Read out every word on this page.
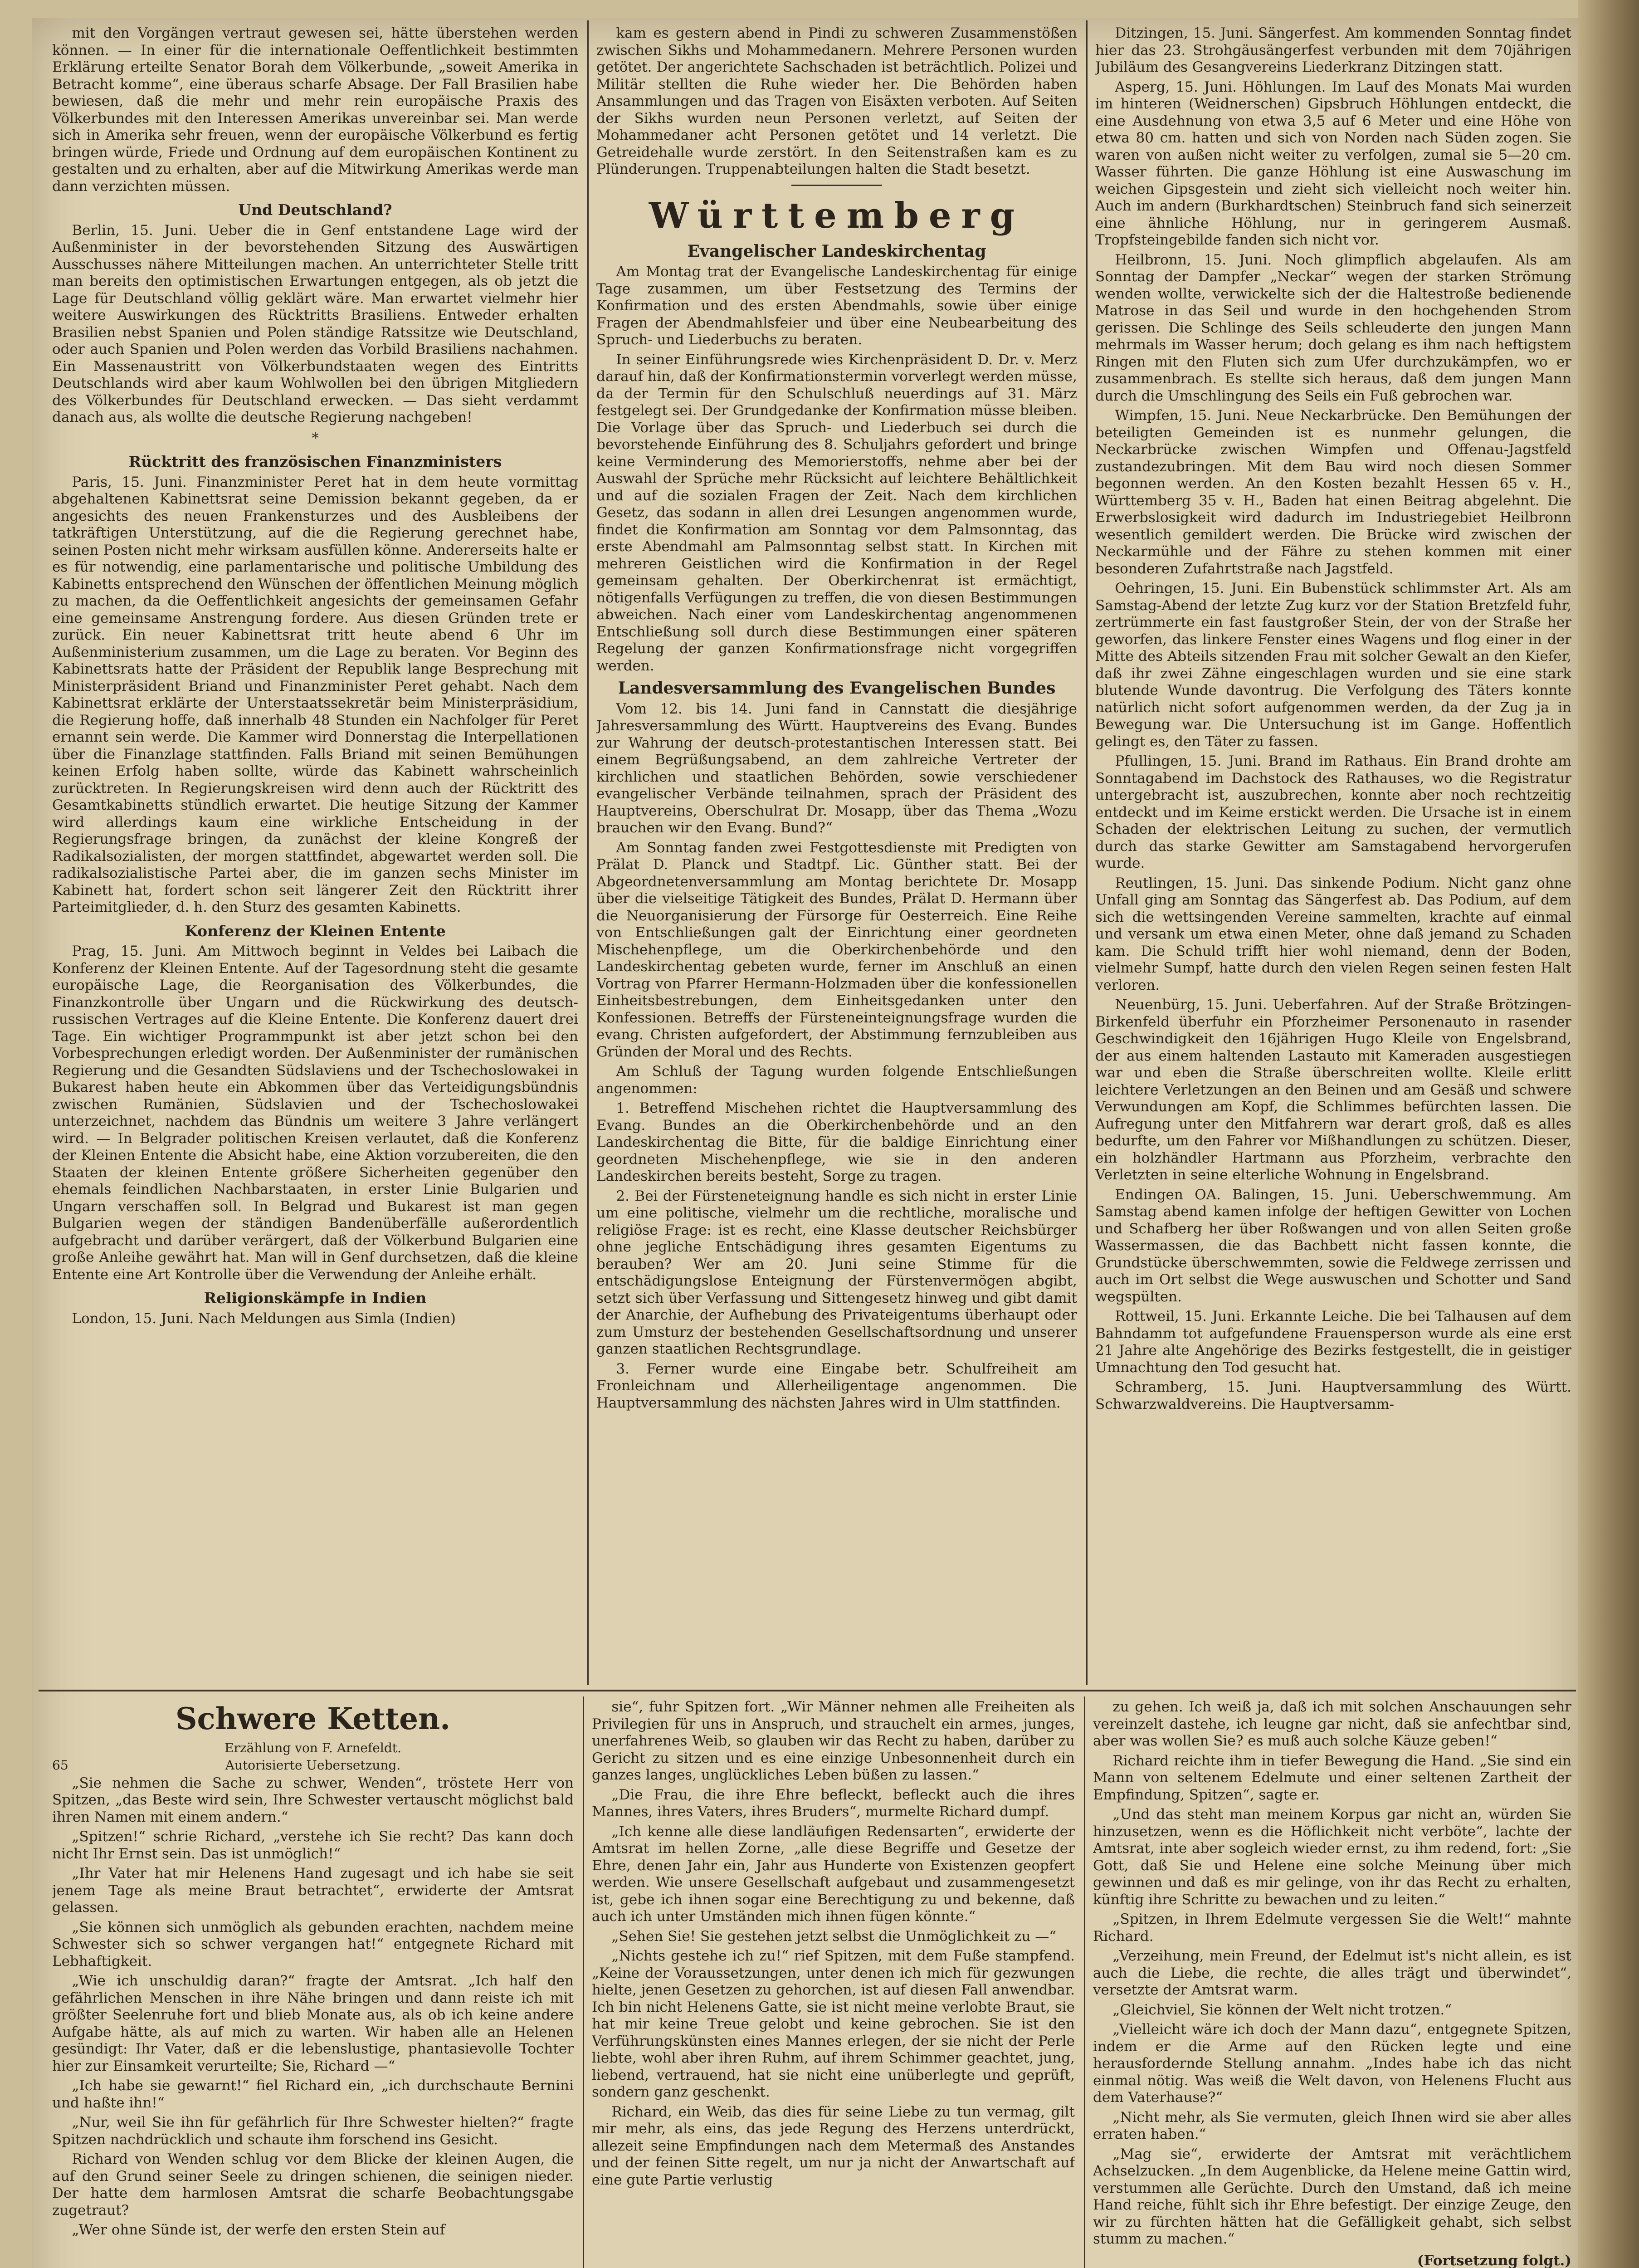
mit den Vorgängen vertraut gewesen sei, hätte überstehen werden können. — In einer für die internationale Oeffentlichkeit bestimmten Erklärung erteilte Senator Borah dem Völkerbunde, „soweit Amerika in Betracht komme“, eine überaus scharfe Absage. Der Fall Brasilien habe bewiesen, daß die mehr und mehr rein europäische Praxis des Völkerbundes mit den Interessen Amerikas unvereinbar sei. Man werde sich in Amerika sehr freuen, wenn der europäische Völkerbund es fertig bringen würde, Friede und Ordnung auf dem europäischen Kontinent zu gestalten und zu erhalten, aber auf die Mitwirkung Amerikas werde man dann verzichten müssen.

Und Deutschland?

Berlin, 15. Juni. Ueber die in Genf entstandene Lage wird der Außenminister in der bevorstehenden Sitzung des Auswärtigen Ausschusses nähere Mitteilungen machen. An unterrichteter Stelle tritt man bereits den optimistischen Erwartungen entgegen, als ob jetzt die Lage für Deutschland völlig geklärt wäre. Man erwartet vielmehr hier weitere Auswirkungen des Rücktritts Brasiliens. Entweder erhalten Brasilien nebst Spanien und Polen ständige Ratssitze wie Deutschland, oder auch Spanien und Polen werden das Vorbild Brasiliens nachahmen. Ein Massenaustritt von Völkerbundstaaten wegen des Eintritts Deutschlands wird aber kaum Wohlwollen bei den übrigen Mitgliedern des Völkerbundes für Deutschland erwecken. — Das sieht verdammt danach aus, als wollte die deutsche Regierung nachgeben!

*
Rücktritt des französischen Finanzministers

Paris, 15. Juni. Finanzminister Peret hat in dem heute vormittag abgehaltenen Kabinettsrat seine Demission bekannt gegeben, da er angesichts des neuen Frankensturzes und des Ausbleibens der tatkräftigen Unterstützung, auf die die Regierung gerechnet habe, seinen Posten nicht mehr wirksam ausfüllen könne. Andererseits halte er es für notwendig, eine parlamentarische und politische Umbildung des Kabinetts entsprechend den Wünschen der öffentlichen Meinung möglich zu machen, da die Oeffentlichkeit angesichts der gemeinsamen Gefahr eine gemeinsame Anstrengung fordere. Aus diesen Gründen trete er zurück. Ein neuer Kabinettsrat tritt heute abend 6 Uhr im Außenministerium zusammen, um die Lage zu beraten. Vor Beginn des Kabinettsrats hatte der Präsident der Republik lange Besprechung mit Ministerpräsident Briand und Finanzminister Peret gehabt. Nach dem Kabinettsrat erklärte der Unterstaatssekretär beim Ministerpräsidium, die Regierung hoffe, daß innerhalb 48 Stunden ein Nachfolger für Peret ernannt sein werde. Die Kammer wird Donnerstag die Interpellationen über die Finanzlage stattfinden. Falls Briand mit seinen Bemühungen keinen Erfolg haben sollte, würde das Kabinett wahrscheinlich zurücktreten. In Regierungskreisen wird denn auch der Rücktritt des Gesamtkabinetts stündlich erwartet. Die heutige Sitzung der Kammer wird allerdings kaum eine wirkliche Entscheidung in der Regierungsfrage bringen, da zunächst der kleine Kongreß der Radikalsozialisten, der morgen stattfindet, abgewartet werden soll. Die radikalsozialistische Partei aber, die im ganzen sechs Minister im Kabinett hat, fordert schon seit längerer Zeit den Rücktritt ihrer Parteimitglieder, d. h. den Sturz des gesamten Kabinetts.

Konferenz der Kleinen Entente

Prag, 15. Juni. Am Mittwoch beginnt in Veldes bei Laibach die Konferenz der Kleinen Entente. Auf der Tagesordnung steht die gesamte europäische Lage, die Reorganisation des Völkerbundes, die Finanzkontrolle über Ungarn und die Rückwirkung des deutsch-russischen Vertrages auf die Kleine Entente. Die Konferenz dauert drei Tage. Ein wichtiger Programmpunkt ist aber jetzt schon bei den Vorbesprechungen erledigt worden. Der Außenminister der rumänischen Regierung und die Gesandten Südslaviens und der Tschechoslowakei in Bukarest haben heute ein Abkommen über das Verteidigungsbündnis zwischen Rumänien, Südslavien und der Tschechoslowakei unterzeichnet, nachdem das Bündnis um weitere 3 Jahre verlängert wird. — In Belgrader politischen Kreisen verlautet, daß die Konferenz der Kleinen Entente die Absicht habe, eine Aktion vorzubereiten, die den Staaten der kleinen Entente größere Sicherheiten gegenüber den ehemals feindlichen Nachbarstaaten, in erster Linie Bulgarien und Ungarn verschaffen soll. In Belgrad und Bukarest ist man gegen Bulgarien wegen der ständigen Bandenüberfälle außerordentlich aufgebracht und darüber verärgert, daß der Völkerbund Bulgarien eine große Anleihe gewährt hat. Man will in Genf durchsetzen, daß die kleine Entente eine Art Kontrolle über die Verwendung der Anleihe erhält.

Religionskämpfe in Indien

London, 15. Juni. Nach Meldungen aus Simla (Indien)

kam es gestern abend in Pindi zu schweren Zusammenstößen zwischen Sikhs und Mohammedanern. Mehrere Personen wurden getötet. Der angerichtete Sachschaden ist beträchtlich. Polizei und Militär stellten die Ruhe wieder her. Die Behörden haben Ansammlungen und das Tragen von Eisäxten verboten. Auf Seiten der Sikhs wurden neun Personen verletzt, auf Seiten der Mohammedaner acht Personen getötet und 14 verletzt. Die Getreidehalle wurde zerstört. In den Seitenstraßen kam es zu Plünderungen. Truppenabteilungen halten die Stadt besetzt.

Württemberg
Evangelischer Landeskirchentag

Am Montag trat der Evangelische Landeskirchentag für einige Tage zusammen, um über Festsetzung des Termins der Konfirmation und des ersten Abendmahls, sowie über einige Fragen der Abendmahlsfeier und über eine Neubearbeitung des Spruch- und Liederbuchs zu beraten.

In seiner Einführungsrede wies Kirchenpräsident D. Dr. v. Merz darauf hin, daß der Konfirmationstermin vorverlegt werden müsse, da der Termin für den Schulschluß neuerdings auf 31. März festgelegt sei. Der Grundgedanke der Konfirmation müsse bleiben. Die Vorlage über das Spruch- und Liederbuch sei durch die bevorstehende Einführung des 8. Schuljahrs gefordert und bringe keine Verminderung des Memorierstoffs, nehme aber bei der Auswahl der Sprüche mehr Rücksicht auf leichtere Behältlichkeit und auf die sozialen Fragen der Zeit. Nach dem kirchlichen Gesetz, das sodann in allen drei Lesungen angenommen wurde, findet die Konfirmation am Sonntag vor dem Palmsonntag, das erste Abendmahl am Palmsonntag selbst statt. In Kirchen mit mehreren Geistlichen wird die Konfirmation in der Regel gemeinsam gehalten. Der Oberkirchenrat ist ermächtigt, nötigenfalls Verfügungen zu treffen, die von diesen Bestimmungen abweichen. Nach einer vom Landeskirchentag angenommenen Entschließung soll durch diese Bestimmungen einer späteren Regelung der ganzen Konfirmationsfrage nicht vorgegriffen werden.

Landesversammlung des Evangelischen Bundes

Vom 12. bis 14. Juni fand in Cannstatt die diesjährige Jahresversammlung des Württ. Hauptvereins des Evang. Bundes zur Wahrung der deutsch-protestantischen Interessen statt. Bei einem Begrüßungsabend, an dem zahlreiche Vertreter der kirchlichen und staatlichen Behörden, sowie verschiedener evangelischer Verbände teilnahmen, sprach der Präsident des Hauptvereins, Oberschulrat Dr. Mosapp, über das Thema „Wozu brauchen wir den Evang. Bund?“

Am Sonntag fanden zwei Festgottesdienste mit Predigten von Prälat D. Planck und Stadtpf. Lic. Günther statt. Bei der Abgeordnetenversammlung am Montag berichtete Dr. Mosapp über die vielseitige Tätigkeit des Bundes, Prälat D. Hermann über die Neuorganisierung der Fürsorge für Oesterreich. Eine Reihe von Entschließungen galt der Einrichtung einer geordneten Mischehenpflege, um die Oberkirchenbehörde und den Landeskirchentag gebeten wurde, ferner im Anschluß an einen Vortrag von Pfarrer Hermann-Holzmaden über die konfessionellen Einheitsbestrebungen, dem Einheitsgedanken unter den Konfessionen. Betreffs der Fürsteneinteignungsfrage wurden die evang. Christen aufgefordert, der Abstimmung fernzubleiben aus Gründen der Moral und des Rechts.

Am Schluß der Tagung wurden folgende Entschließungen angenommen:

1. Betreffend Mischehen richtet die Hauptversammlung des Evang. Bundes an die Oberkirchenbehörde und an den Landeskirchentag die Bitte, für die baldige Einrichtung einer geordneten Mischehenpflege, wie sie in den anderen Landeskirchen bereits besteht, Sorge zu tragen.

2. Bei der Fürsteneteignung handle es sich nicht in erster Linie um eine politische, vielmehr um die rechtliche, moralische und religiöse Frage: ist es recht, eine Klasse deutscher Reichsbürger ohne jegliche Entschädigung ihres gesamten Eigentums zu berauben? Wer am 20. Juni seine Stimme für die entschädigungslose Enteignung der Fürstenvermögen abgibt, setzt sich über Verfassung und Sittengesetz hinweg und gibt damit der Anarchie, der Aufhebung des Privateigentums überhaupt oder zum Umsturz der bestehenden Gesellschaftsordnung und unserer ganzen staatlichen Rechtsgrundlage.

3. Ferner wurde eine Eingabe betr. Schulfreiheit am Fronleichnam und Allerheiligentage angenommen. Die Hauptversammlung des nächsten Jahres wird in Ulm stattfinden.

Ditzingen, 15. Juni. Sängerfest. Am kommenden Sonntag findet hier das 23. Strohgäusängerfest verbunden mit dem 70jährigen Jubiläum des Gesangvereins Liederkranz Ditzingen statt.

Asperg, 15. Juni. Höhlungen. Im Lauf des Monats Mai wurden im hinteren (Weidnerschen) Gipsbruch Höhlungen entdeckt, die eine Ausdehnung von etwa 3,5 auf 6 Meter und eine Höhe von etwa 80 cm. hatten und sich von Norden nach Süden zogen. Sie waren von außen nicht weiter zu verfolgen, zumal sie 5—20 cm. Wasser führten. Die ganze Höhlung ist eine Auswaschung im weichen Gipsgestein und zieht sich vielleicht noch weiter hin. Auch im andern (Burkhardtschen) Steinbruch fand sich seinerzeit eine ähnliche Höhlung, nur in geringerem Ausmaß. Tropfsteingebilde fanden sich nicht vor.

Heilbronn, 15. Juni. Noch glimpflich abgelaufen. Als am Sonntag der Dampfer „Neckar“ wegen der starken Strömung wenden wollte, verwickelte sich der die Haltestroße bedienende Matrose in das Seil und wurde in den hochgehenden Strom gerissen. Die Schlinge des Seils schleuderte den jungen Mann mehrmals im Wasser herum; doch gelang es ihm nach heftigstem Ringen mit den Fluten sich zum Ufer durchzukämpfen, wo er zusammenbrach. Es stellte sich heraus, daß dem jungen Mann durch die Umschlingung des Seils ein Fuß gebrochen war.

Wimpfen, 15. Juni. Neue Neckarbrücke. Den Bemühungen der beteiligten Gemeinden ist es nunmehr gelungen, die Neckarbrücke zwischen Wimpfen und Offenau-Jagstfeld zustandezubringen. Mit dem Bau wird noch diesen Sommer begonnen werden. An den Kosten bezahlt Hessen 65 v. H., Württemberg 35 v. H., Baden hat einen Beitrag abgelehnt. Die Erwerbslosigkeit wird dadurch im Industriegebiet Heilbronn wesentlich gemildert werden. Die Brücke wird zwischen der Neckarmühle und der Fähre zu stehen kommen mit einer besonderen Zufahrtstraße nach Jagstfeld.

Oehringen, 15. Juni. Ein Bubenstück schlimmster Art. Als am Samstag-Abend der letzte Zug kurz vor der Station Bretzfeld fuhr, zertrümmerte ein fast faustgroßer Stein, der von der Straße her geworfen, das linkere Fenster eines Wagens und flog einer in der Mitte des Abteils sitzenden Frau mit solcher Gewalt an den Kiefer, daß ihr zwei Zähne eingeschlagen wurden und sie eine stark blutende Wunde davontrug. Die Verfolgung des Täters konnte natürlich nicht sofort aufgenommen werden, da der Zug ja in Bewegung war. Die Untersuchung ist im Gange. Hoffentlich gelingt es, den Täter zu fassen.

Pfullingen, 15. Juni. Brand im Rathaus. Ein Brand drohte am Sonntagabend im Dachstock des Rathauses, wo die Registratur untergebracht ist, auszubrechen, konnte aber noch rechtzeitig entdeckt und im Keime erstickt werden. Die Ursache ist in einem Schaden der elektrischen Leitung zu suchen, der vermutlich durch das starke Gewitter am Samstagabend hervorgerufen wurde.

Reutlingen, 15. Juni. Das sinkende Podium. Nicht ganz ohne Unfall ging am Sonntag das Sängerfest ab. Das Podium, auf dem sich die wettsingenden Vereine sammelten, krachte auf einmal und versank um etwa einen Meter, ohne daß jemand zu Schaden kam. Die Schuld trifft hier wohl niemand, denn der Boden, vielmehr Sumpf, hatte durch den vielen Regen seinen festen Halt verloren.

Neuenbürg, 15. Juni. Ueberfahren. Auf der Straße Brötzingen-Birkenfeld überfuhr ein Pforzheimer Personenauto in rasender Geschwindigkeit den 16jährigen Hugo Kleile von Engelsbrand, der aus einem haltenden Lastauto mit Kameraden ausgestiegen war und eben die Straße überschreiten wollte. Kleile erlitt leichtere Verletzungen an den Beinen und am Gesäß und schwere Verwundungen am Kopf, die Schlimmes befürchten lassen. Die Aufregung unter den Mitfahrern war derart groß, daß es alles bedurfte, um den Fahrer vor Mißhandlungen zu schützen. Dieser, ein holzhändler Hartmann aus Pforzheim, verbrachte den Verletzten in seine elterliche Wohnung in Engelsbrand.

Endingen OA. Balingen, 15. Juni. Ueberschwemmung. Am Samstag abend kamen infolge der heftigen Gewitter von Lochen und Schafberg her über Roßwangen und von allen Seiten große Wassermassen, die das Bachbett nicht fassen konnte, die Grundstücke überschwemmten, sowie die Feldwege zerrissen und auch im Ort selbst die Wege auswuschen und Schotter und Sand wegspülten.

Rottweil, 15. Juni. Erkannte Leiche. Die bei Talhausen auf dem Bahndamm tot aufgefundene Frauensperson wurde als eine erst 21 Jahre alte Angehörige des Bezirks festgestellt, die in geistiger Umnachtung den Tod gesucht hat.

Schramberg, 15. Juni. Hauptversammlung des Württ. Schwarzwaldvereins. Die Hauptversamm-

Schwere Ketten.
Erzählung von F. Arnefeldt.
65	Autorisierte Uebersetzung.

„Sie nehmen die Sache zu schwer, Wenden“, tröstete Herr von Spitzen, „das Beste wird sein, Ihre Schwester vertauscht möglichst bald ihren Namen mit einem andern.“

„Spitzen!“ schrie Richard, „verstehe ich Sie recht? Das kann doch nicht Ihr Ernst sein. Das ist unmöglich!“

„Ihr Vater hat mir Helenens Hand zugesagt und ich habe sie seit jenem Tage als meine Braut betrachtet“, erwiderte der Amtsrat gelassen.

„Sie können sich unmöglich als gebunden erachten, nachdem meine Schwester sich so schwer vergangen hat!“ entgegnete Richard mit Lebhaftigkeit.

„Wie ich unschuldig daran?“ fragte der Amtsrat. „Ich half den gefährlichen Menschen in ihre Nähe bringen und dann reiste ich mit größter Seelenruhe fort und blieb Monate aus, als ob ich keine andere Aufgabe hätte, als auf mich zu warten. Wir haben alle an Helenen gesündigt: Ihr Vater, daß er die lebenslustige, phantasievolle Tochter hier zur Einsamkeit verurteilte; Sie, Richard —“

„Ich habe sie gewarnt!“ fiel Richard ein, „ich durchschaute Bernini und haßte ihn!“

„Nur, weil Sie ihn für gefährlich für Ihre Schwester hielten?“ fragte Spitzen nachdrücklich und schaute ihm forschend ins Gesicht.

Richard von Wenden schlug vor dem Blicke der kleinen Augen, die auf den Grund seiner Seele zu dringen schienen, die seinigen nieder. Der hatte dem harmlosen Amtsrat die scharfe Beobachtungsgabe zugetraut?

„Wer ohne Sünde ist, der werfe den ersten Stein auf

sie“, fuhr Spitzen fort. „Wir Männer nehmen alle Freiheiten als Privilegien für uns in Anspruch, und strauchelt ein armes, junges, unerfahrenes Weib, so glauben wir das Recht zu haben, darüber zu Gericht zu sitzen und es eine einzige Unbesonnenheit durch ein ganzes langes, unglückliches Leben büßen zu lassen.“

„Die Frau, die ihre Ehre befleckt, befleckt auch die ihres Mannes, ihres Vaters, ihres Bruders“, murmelte Richard dumpf.

„Ich kenne alle diese landläufigen Redensarten“, erwiderte der Amtsrat im hellen Zorne, „alle diese Begriffe und Gesetze der Ehre, denen Jahr ein, Jahr aus Hunderte von Existenzen geopfert werden. Wie unsere Gesellschaft aufgebaut und zusammengesetzt ist, gebe ich ihnen sogar eine Berechtigung zu und bekenne, daß auch ich unter Umständen mich ihnen fügen könnte.“

„Sehen Sie! Sie gestehen jetzt selbst die Unmöglichkeit zu —“

„Nichts gestehe ich zu!“ rief Spitzen, mit dem Fuße stampfend. „Keine der Voraussetzungen, unter denen ich mich für gezwungen hielte, jenen Gesetzen zu gehorchen, ist auf diesen Fall anwendbar. Ich bin nicht Helenens Gatte, sie ist nicht meine verlobte Braut, sie hat mir keine Treue gelobt und keine gebrochen. Sie ist den Verführungskünsten eines Mannes erlegen, der sie nicht der Perle liebte, wohl aber ihren Ruhm, auf ihrem Schimmer geachtet, jung, liebend, vertrauend, hat sie nicht eine unüberlegte und geprüft, sondern ganz geschenkt.

Richard, ein Weib, das dies für seine Liebe zu tun vermag, gilt mir mehr, als eins, das jede Regung des Herzens unterdrückt, allezeit seine Empfindungen nach dem Metermaß des Anstandes und der feinen Sitte regelt, um nur ja nicht der Anwartschaft auf eine gute Partie verlustig

zu gehen. Ich weiß ja, daß ich mit solchen Anschauungen sehr vereinzelt dastehe, ich leugne gar nicht, daß sie anfechtbar sind, aber was wollen Sie? es muß auch solche Käuze geben!“

Richard reichte ihm in tiefer Bewegung die Hand. „Sie sind ein Mann von seltenem Edelmute und einer seltenen Zartheit der Empfindung, Spitzen“, sagte er.

„Und das steht man meinem Korpus gar nicht an, würden Sie hinzusetzen, wenn es die Höflichkeit nicht verböte“, lachte der Amtsrat, inte aber sogleich wieder ernst, zu ihm redend, fort: „Sie Gott, daß Sie und Helene eine solche Meinung über mich gewinnen und daß es mir gelinge, von ihr das Recht zu erhalten, künftig ihre Schritte zu bewachen und zu leiten.“

„Spitzen, in Ihrem Edelmute vergessen Sie die Welt!“ mahnte Richard.

„Verzeihung, mein Freund, der Edelmut ist's nicht allein, es ist auch die Liebe, die rechte, die alles trägt und überwindet“, versetzte der Amtsrat warm.

„Gleichviel, Sie können der Welt nicht trotzen.“

„Vielleicht wäre ich doch der Mann dazu“, entgegnete Spitzen, indem er die Arme auf den Rücken legte und eine herausfordernde Stellung annahm. „Indes habe ich das nicht einmal nötig. Was weiß die Welt davon, von Helenens Flucht aus dem Vaterhause?“

„Nicht mehr, als Sie vermuten, gleich Ihnen wird sie aber alles erraten haben.“

„Mag sie“, erwiderte der Amtsrat mit verächtlichem Achselzucken. „In dem Augenblicke, da Helene meine Gattin wird, verstummen alle Gerüchte. Durch den Umstand, daß ich meine Hand reiche, fühlt sich ihr Ehre befestigt. Der einzige Zeuge, den wir zu fürchten hätten hat die Gefälligkeit gehabt, sich selbst stumm zu machen.“

(Fortsetzung folgt.)
